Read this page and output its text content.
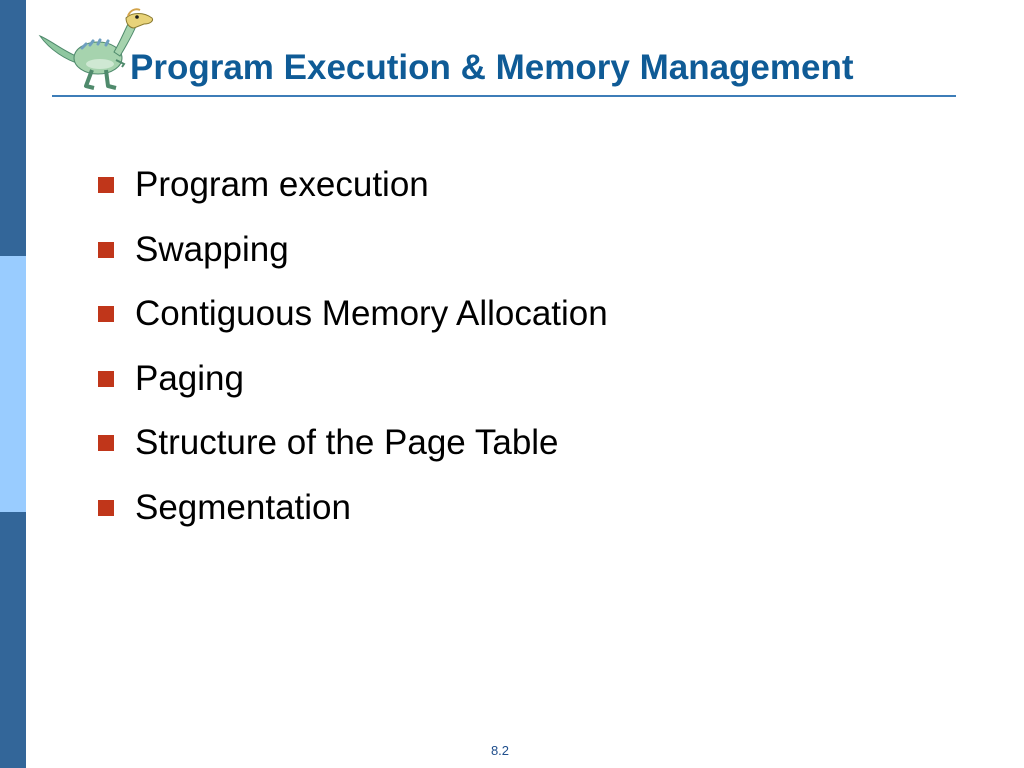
Program Execution & Memory Management
Program execution
Swapping
Contiguous Memory Allocation
Paging
Structure of the Page Table
Segmentation
8.2
